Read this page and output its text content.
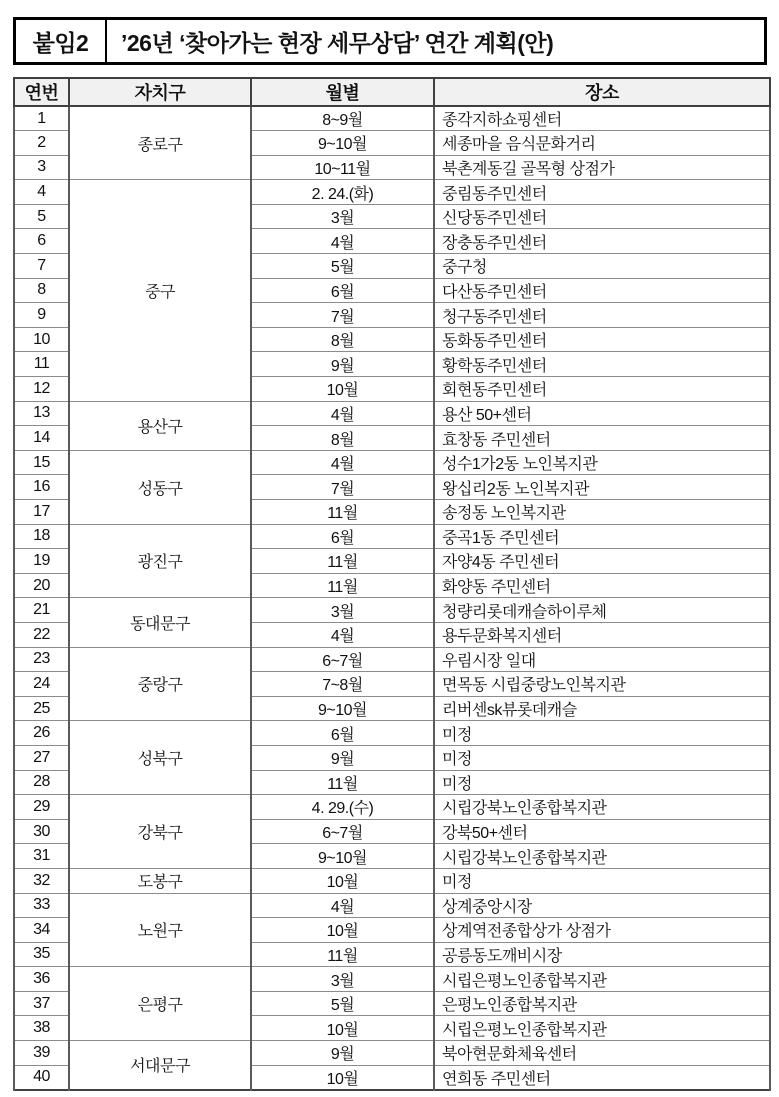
붙임2	’26년 ‘찾아가는 현장 세무상담’ 연간 계획(안)
연번	자치구	월별	장소
1	종로구	8~9월	종각지하쇼핑센터
2		9~10월	세종마을 음식문화거리
3		10~11월	북촌계동길 골목형 상점가
4	중구	2. 24.(화)	중림동주민센터
5		3월	신당동주민센터
6		4월	장충동주민센터
7		5월	중구청
8		6월	다산동주민센터
9		7월	청구동주민센터
10		8월	동화동주민센터
11		9월	황학동주민센터
12		10월	회현동주민센터
13	용산구	4월	용산 50+센터
14		8월	효창동 주민센터
15	성동구	4월	성수1가2동 노인복지관
16		7월	왕십리2동 노인복지관
17		11월	송정동 노인복지관
18	광진구	6월	중곡1동 주민센터
19		11월	자양4동 주민센터
20		11월	화양동 주민센터
21	동대문구	3월	청량리롯데캐슬하이루체
22		4월	용두문화복지센터
23	중랑구	6~7월	우림시장 일대
24		7~8월	면목동 시립중랑노인복지관
25		9~10월	리버센sk뷰롯데캐슬
26	성북구	6월	미정
27		9월	미정
28		11월	미정
29	강북구	4. 29.(수)	시립강북노인종합복지관
30		6~7월	강북50+센터
31		9~10월	시립강북노인종합복지관
32	도봉구	10월	미정
33	노원구	4월	상계중앙시장
34		10월	상계역전종합상가 상점가
35		11월	공릉동도깨비시장
36	은평구	3월	시립은평노인종합복지관
37		5월	은평노인종합복지관
38		10월	시립은평노인종합복지관
39	서대문구	9월	북아현문화체육센터
40		10월	연희동 주민센터
